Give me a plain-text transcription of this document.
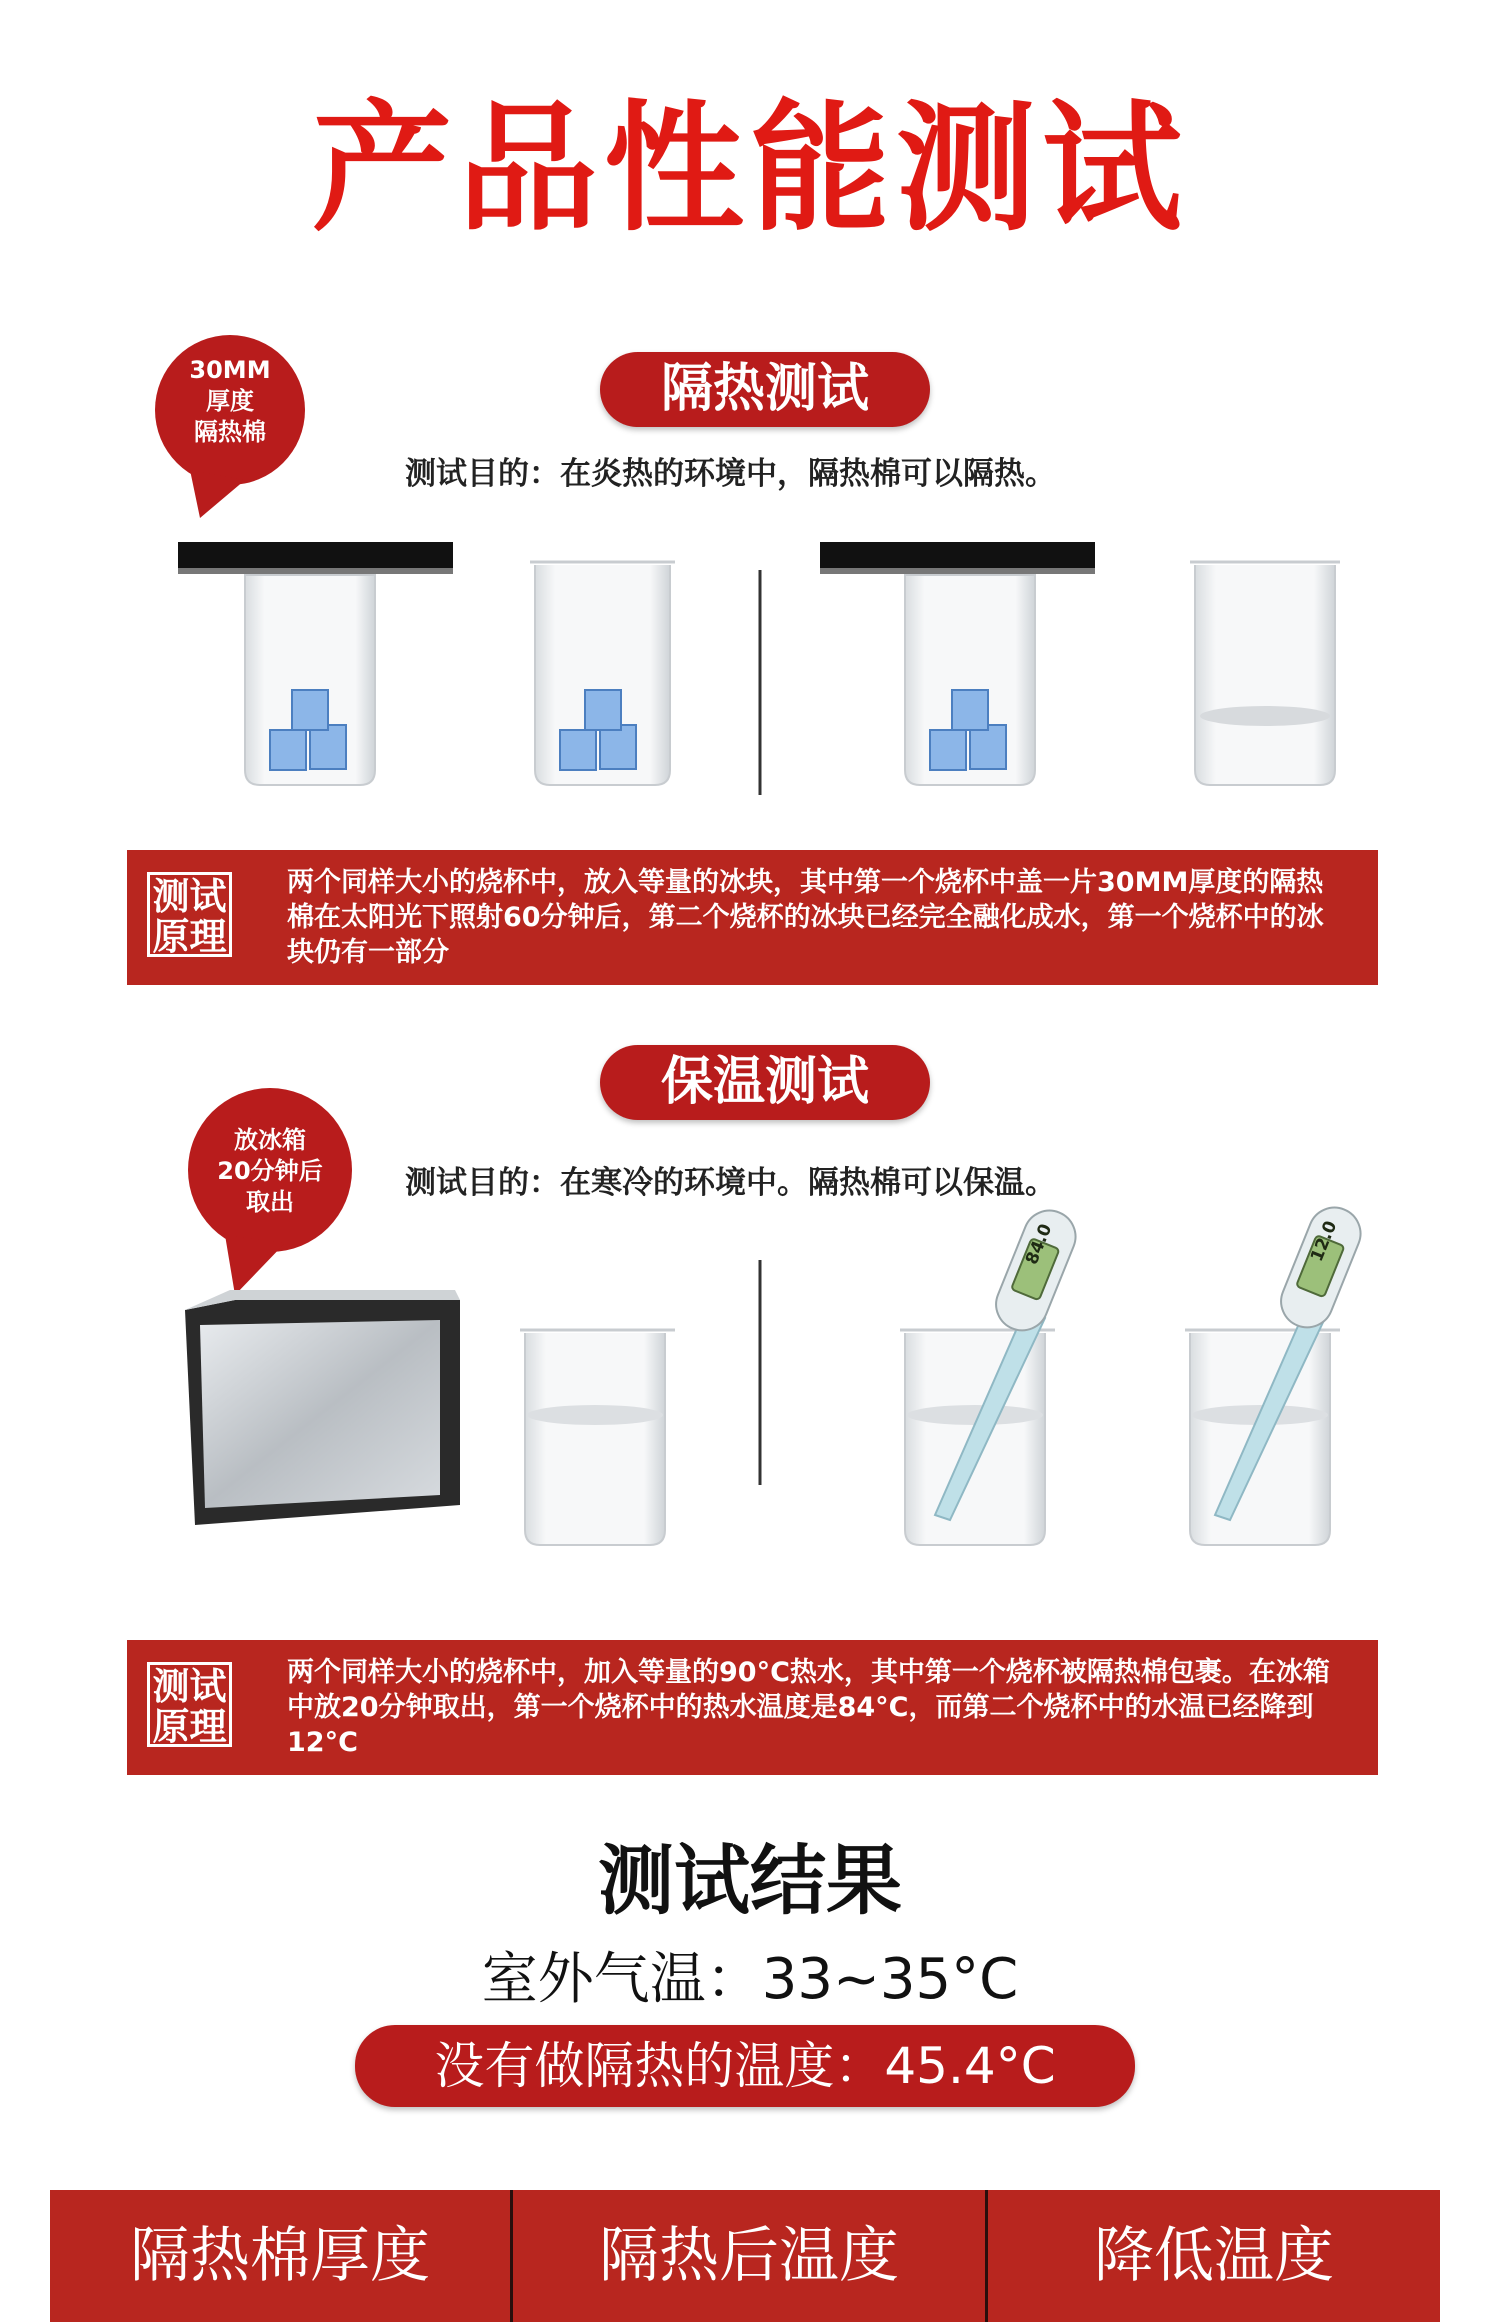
产品性能测试
30MM
厚度
隔热棉
隔热测试
测试目的：在炎热的环境中，隔热棉可以隔热。
测试原理
两个同样大小的烧杯中，放入等量的冰块，其中第一个烧杯中盖一片30MM厚度的隔热棉在太阳光下照射60分钟后，第二个烧杯的冰块已经完全融化成水，第一个烧杯中的冰块仍有一部分
保温测试
放冰箱
20分钟后
取出
测试目的：在寒冷的环境中。隔热棉可以保温。
84.0	12.0
测试原理
两个同样大小的烧杯中，加入等量的90°C热水，其中第一个烧杯被隔热棉包裹。在冰箱中放20分钟取出，第一个烧杯中的热水温度是84°C，而第二个烧杯中的水温已经降到12°C
测试结果
室外气温：33~35°C
没有做隔热的温度：45.4°C
隔热棉厚度	隔热后温度	降低温度
